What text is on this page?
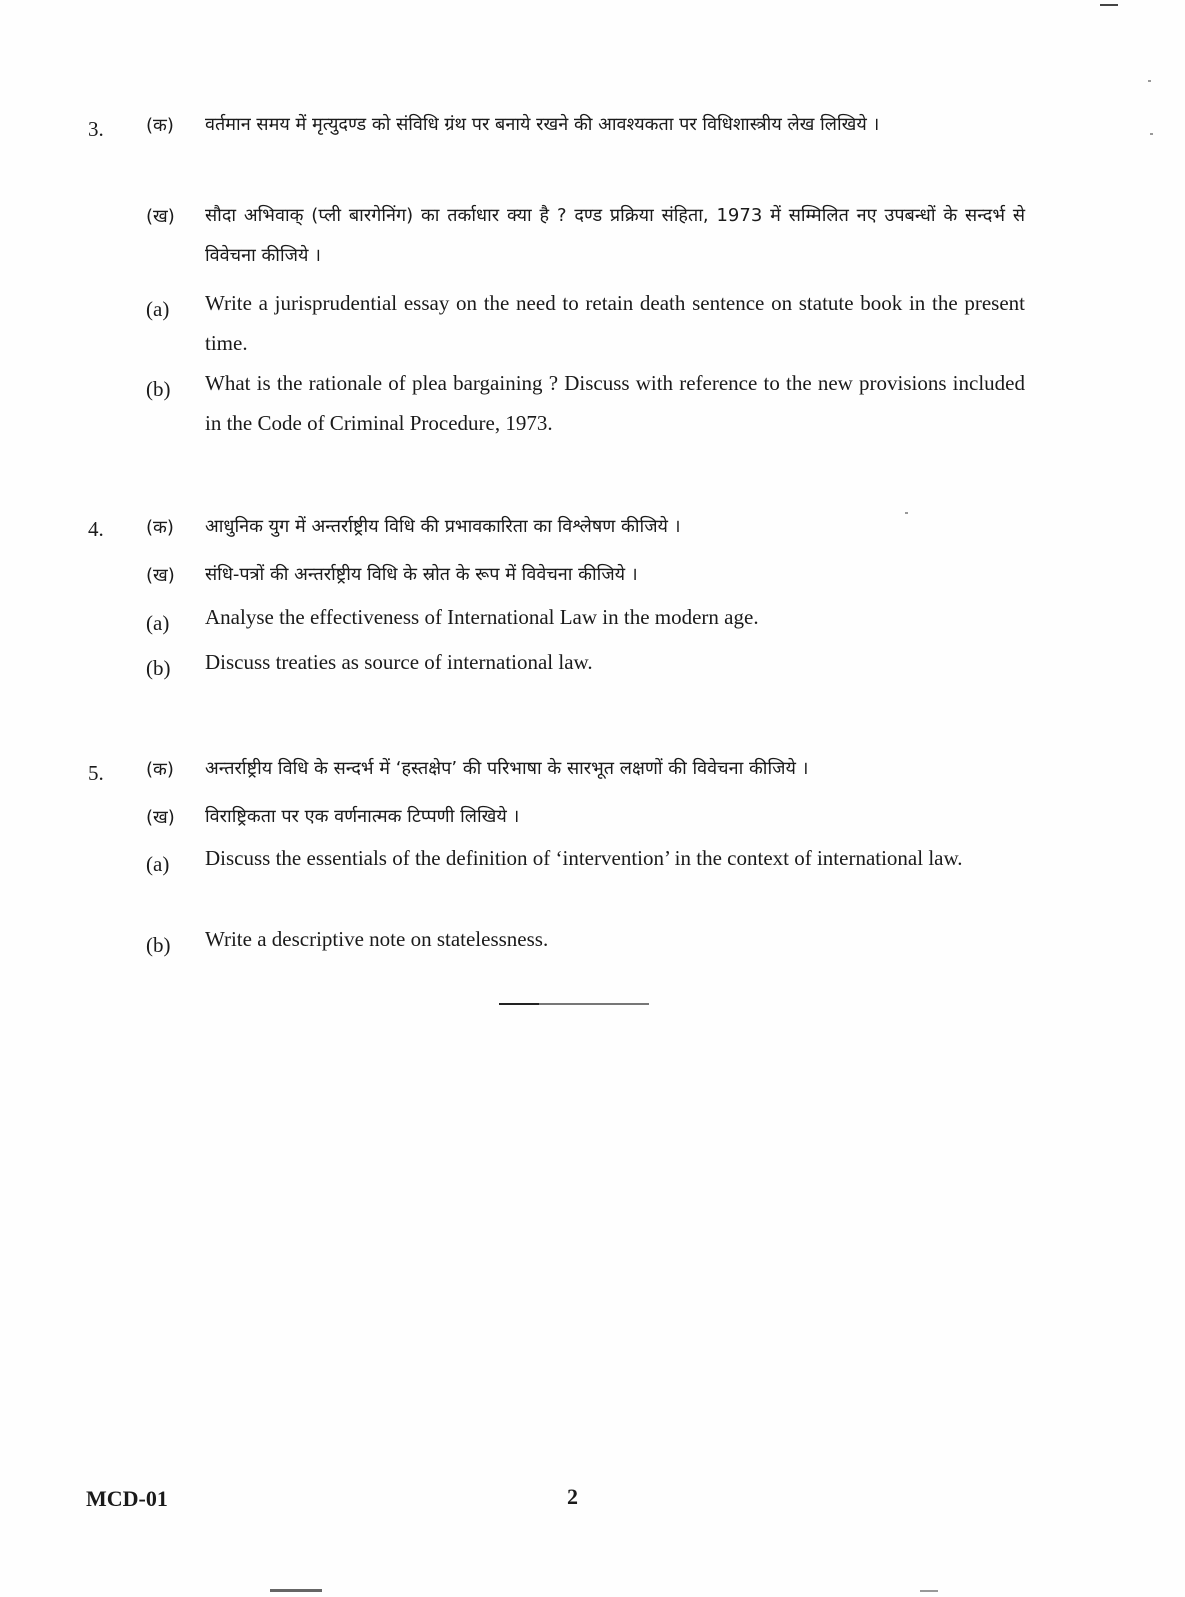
3. (क) वर्तमान समय में मृत्युदण्ड को संविधि ग्रंथ पर बनाये रखने की आवश्यकता पर विधिशास्त्रीय लेख लिखिये ।
(ख) सौदा अभिवाक् (प्ली बारगेनिंग) का तर्काधार क्या है ? दण्ड प्रक्रिया संहिता, 1973 में सम्मिलित नए उपबन्धों के सन्दर्भ से विवेचना कीजिये ।
(a) Write a jurisprudential essay on the need to retain death sentence on statute book in the present time.
(b) What is the rationale of plea bargaining ? Discuss with reference to the new provisions included in the Code of Criminal Procedure, 1973.
4. (क) आधुनिक युग में अन्तर्राष्ट्रीय विधि की प्रभावकारिता का विश्लेषण कीजिये ।
(ख) संधि-पत्रों की अन्तर्राष्ट्रीय विधि के स्रोत के रूप में विवेचना कीजिये ।
(a) Analyse the effectiveness of International Law in the modern age.
(b) Discuss treaties as source of international law.
5. (क) अन्तर्राष्ट्रीय विधि के सन्दर्भ में ‘हस्तक्षेप’ की परिभाषा के सारभूत लक्षणों की विवेचना कीजिये ।
(ख) विराष्ट्रिकता पर एक वर्णनात्मक टिप्पणी लिखिये ।
(a) Discuss the essentials of the definition of ‘intervention’ in the context of international law.
(b) Write a descriptive note on statelessness.
MCD-01	2
